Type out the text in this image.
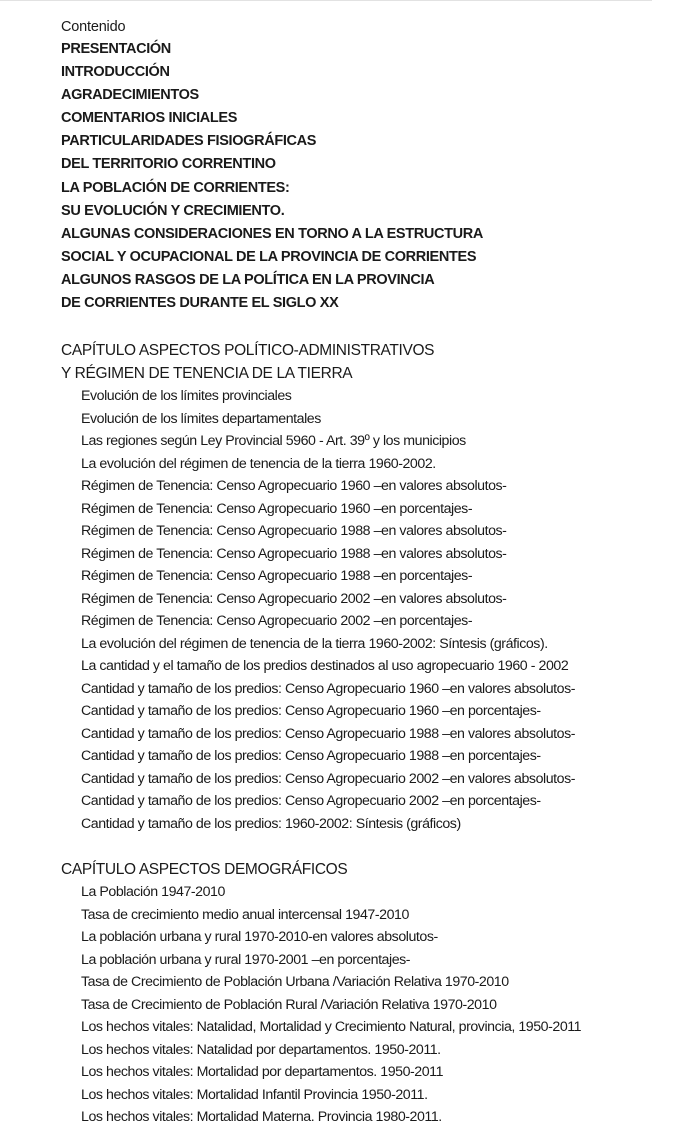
Contenido
PRESENTACIÓN
INTRODUCCIÓN
AGRADECIMIENTOS
COMENTARIOS INICIALES
PARTICULARIDADES FISIOGRÁFICAS
DEL TERRITORIO CORRENTINO
LA POBLACIÓN DE CORRIENTES:
SU EVOLUCIÓN Y CRECIMIENTO.
ALGUNAS CONSIDERACIONES EN TORNO A LA ESTRUCTURA
SOCIAL Y OCUPACIONAL DE LA PROVINCIA DE CORRIENTES
ALGUNOS RASGOS DE LA POLÍTICA EN LA PROVINCIA
DE CORRIENTES DURANTE EL SIGLO XX
CAPÍTULO ASPECTOS POLÍTICO-ADMINISTRATIVOS
Y RÉGIMEN DE TENENCIA DE LA TIERRA
Evolución de los límites provinciales
Evolución de los límites departamentales
Las regiones según Ley Provincial 5960 - Art. 39º y los municipios
La evolución del régimen de tenencia de la tierra 1960-2002.
Régimen de Tenencia: Censo Agropecuario 1960 –en valores absolutos-
Régimen de Tenencia: Censo Agropecuario 1960 –en porcentajes-
Régimen de Tenencia: Censo Agropecuario 1988 –en valores absolutos-
Régimen de Tenencia: Censo Agropecuario 1988 –en valores absolutos-
Régimen de Tenencia: Censo Agropecuario 1988 –en porcentajes-
Régimen de Tenencia: Censo Agropecuario 2002 –en valores absolutos-
Régimen de Tenencia: Censo Agropecuario 2002 –en porcentajes-
La evolución del régimen de tenencia de la tierra 1960-2002: Síntesis (gráficos).
La cantidad y el tamaño de los predios destinados al uso agropecuario 1960 - 2002
Cantidad y tamaño de los predios: Censo Agropecuario 1960 –en valores absolutos-
Cantidad y tamaño de los predios: Censo Agropecuario 1960 –en porcentajes-
Cantidad y tamaño de los predios: Censo Agropecuario 1988 –en valores absolutos-
Cantidad y tamaño de los predios: Censo Agropecuario 1988 –en porcentajes-
Cantidad y tamaño de los predios: Censo Agropecuario 2002 –en valores absolutos-
Cantidad y tamaño de los predios: Censo Agropecuario 2002 –en porcentajes-
Cantidad y tamaño de los predios: 1960-2002: Síntesis (gráficos)
CAPÍTULO ASPECTOS DEMOGRÁFICOS
La Población 1947-2010
Tasa de crecimiento medio anual intercensal 1947-2010
La población urbana y rural 1970-2010-en valores absolutos-
La población urbana y rural 1970-2001 –en porcentajes-
Tasa de Crecimiento de Población Urbana /Variación Relativa 1970-2010
Tasa de Crecimiento de Población Rural /Variación Relativa 1970-2010
Los hechos vitales: Natalidad, Mortalidad y Crecimiento Natural, provincia, 1950-2011
Los hechos vitales: Natalidad por departamentos. 1950-2011.
Los hechos vitales: Mortalidad por departamentos. 1950-2011
Los hechos vitales: Mortalidad Infantil Provincia 1950-2011.
Los hechos vitales: Mortalidad Materna. Provincia 1980-2011.
